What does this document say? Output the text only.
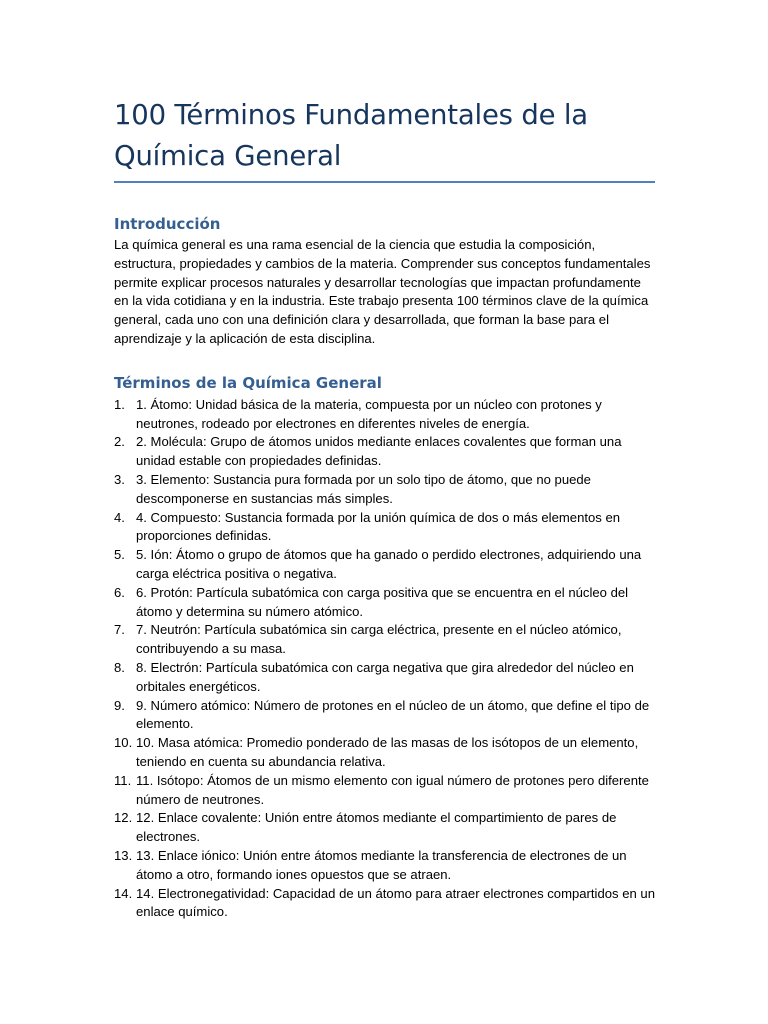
100 Términos Fundamentales de la Química General
Introducción

La química general es una rama esencial de la ciencia que estudia la composición, estructura, propiedades y cambios de la materia. Comprender sus conceptos fundamentales permite explicar procesos naturales y desarrollar tecnologías que impactan profundamente en la vida cotidiana y en la industria. Este trabajo presenta 100 términos clave de la química general, cada uno con una definición clara y desarrollada, que forman la base para el aprendizaje y la aplicación de esta disciplina.

Términos de la Química General
1. 1. Átomo: Unidad básica de la materia, compuesta por un núcleo con protones y neutrones, rodeado por electrones en diferentes niveles de energía.
2. 2. Molécula: Grupo de átomos unidos mediante enlaces covalentes que forman una unidad estable con propiedades definidas.
3. 3. Elemento: Sustancia pura formada por un solo tipo de átomo, que no puede descomponerse en sustancias más simples.
4. 4. Compuesto: Sustancia formada por la unión química de dos o más elementos en proporciones definidas.
5. 5. Ión: Átomo o grupo de átomos que ha ganado o perdido electrones, adquiriendo una carga eléctrica positiva o negativa.
6. 6. Protón: Partícula subatómica con carga positiva que se encuentra en el núcleo del átomo y determina su número atómico.
7. 7. Neutrón: Partícula subatómica sin carga eléctrica, presente en el núcleo atómico, contribuyendo a su masa.
8. 8. Electrón: Partícula subatómica con carga negativa que gira alrededor del núcleo en orbitales energéticos.
9. 9. Número atómico: Número de protones en el núcleo de un átomo, que define el tipo de elemento.
10. 10. Masa atómica: Promedio ponderado de las masas de los isótopos de un elemento, teniendo en cuenta su abundancia relativa.
11. 11. Isótopo: Átomos de un mismo elemento con igual número de protones pero diferente número de neutrones.
12. 12. Enlace covalente: Unión entre átomos mediante el compartimiento de pares de electrones.
13. 13. Enlace iónico: Unión entre átomos mediante la transferencia de electrones de un átomo a otro, formando iones opuestos que se atraen.
14. 14. Electronegatividad: Capacidad de un átomo para atraer electrones compartidos en un enlace químico.
